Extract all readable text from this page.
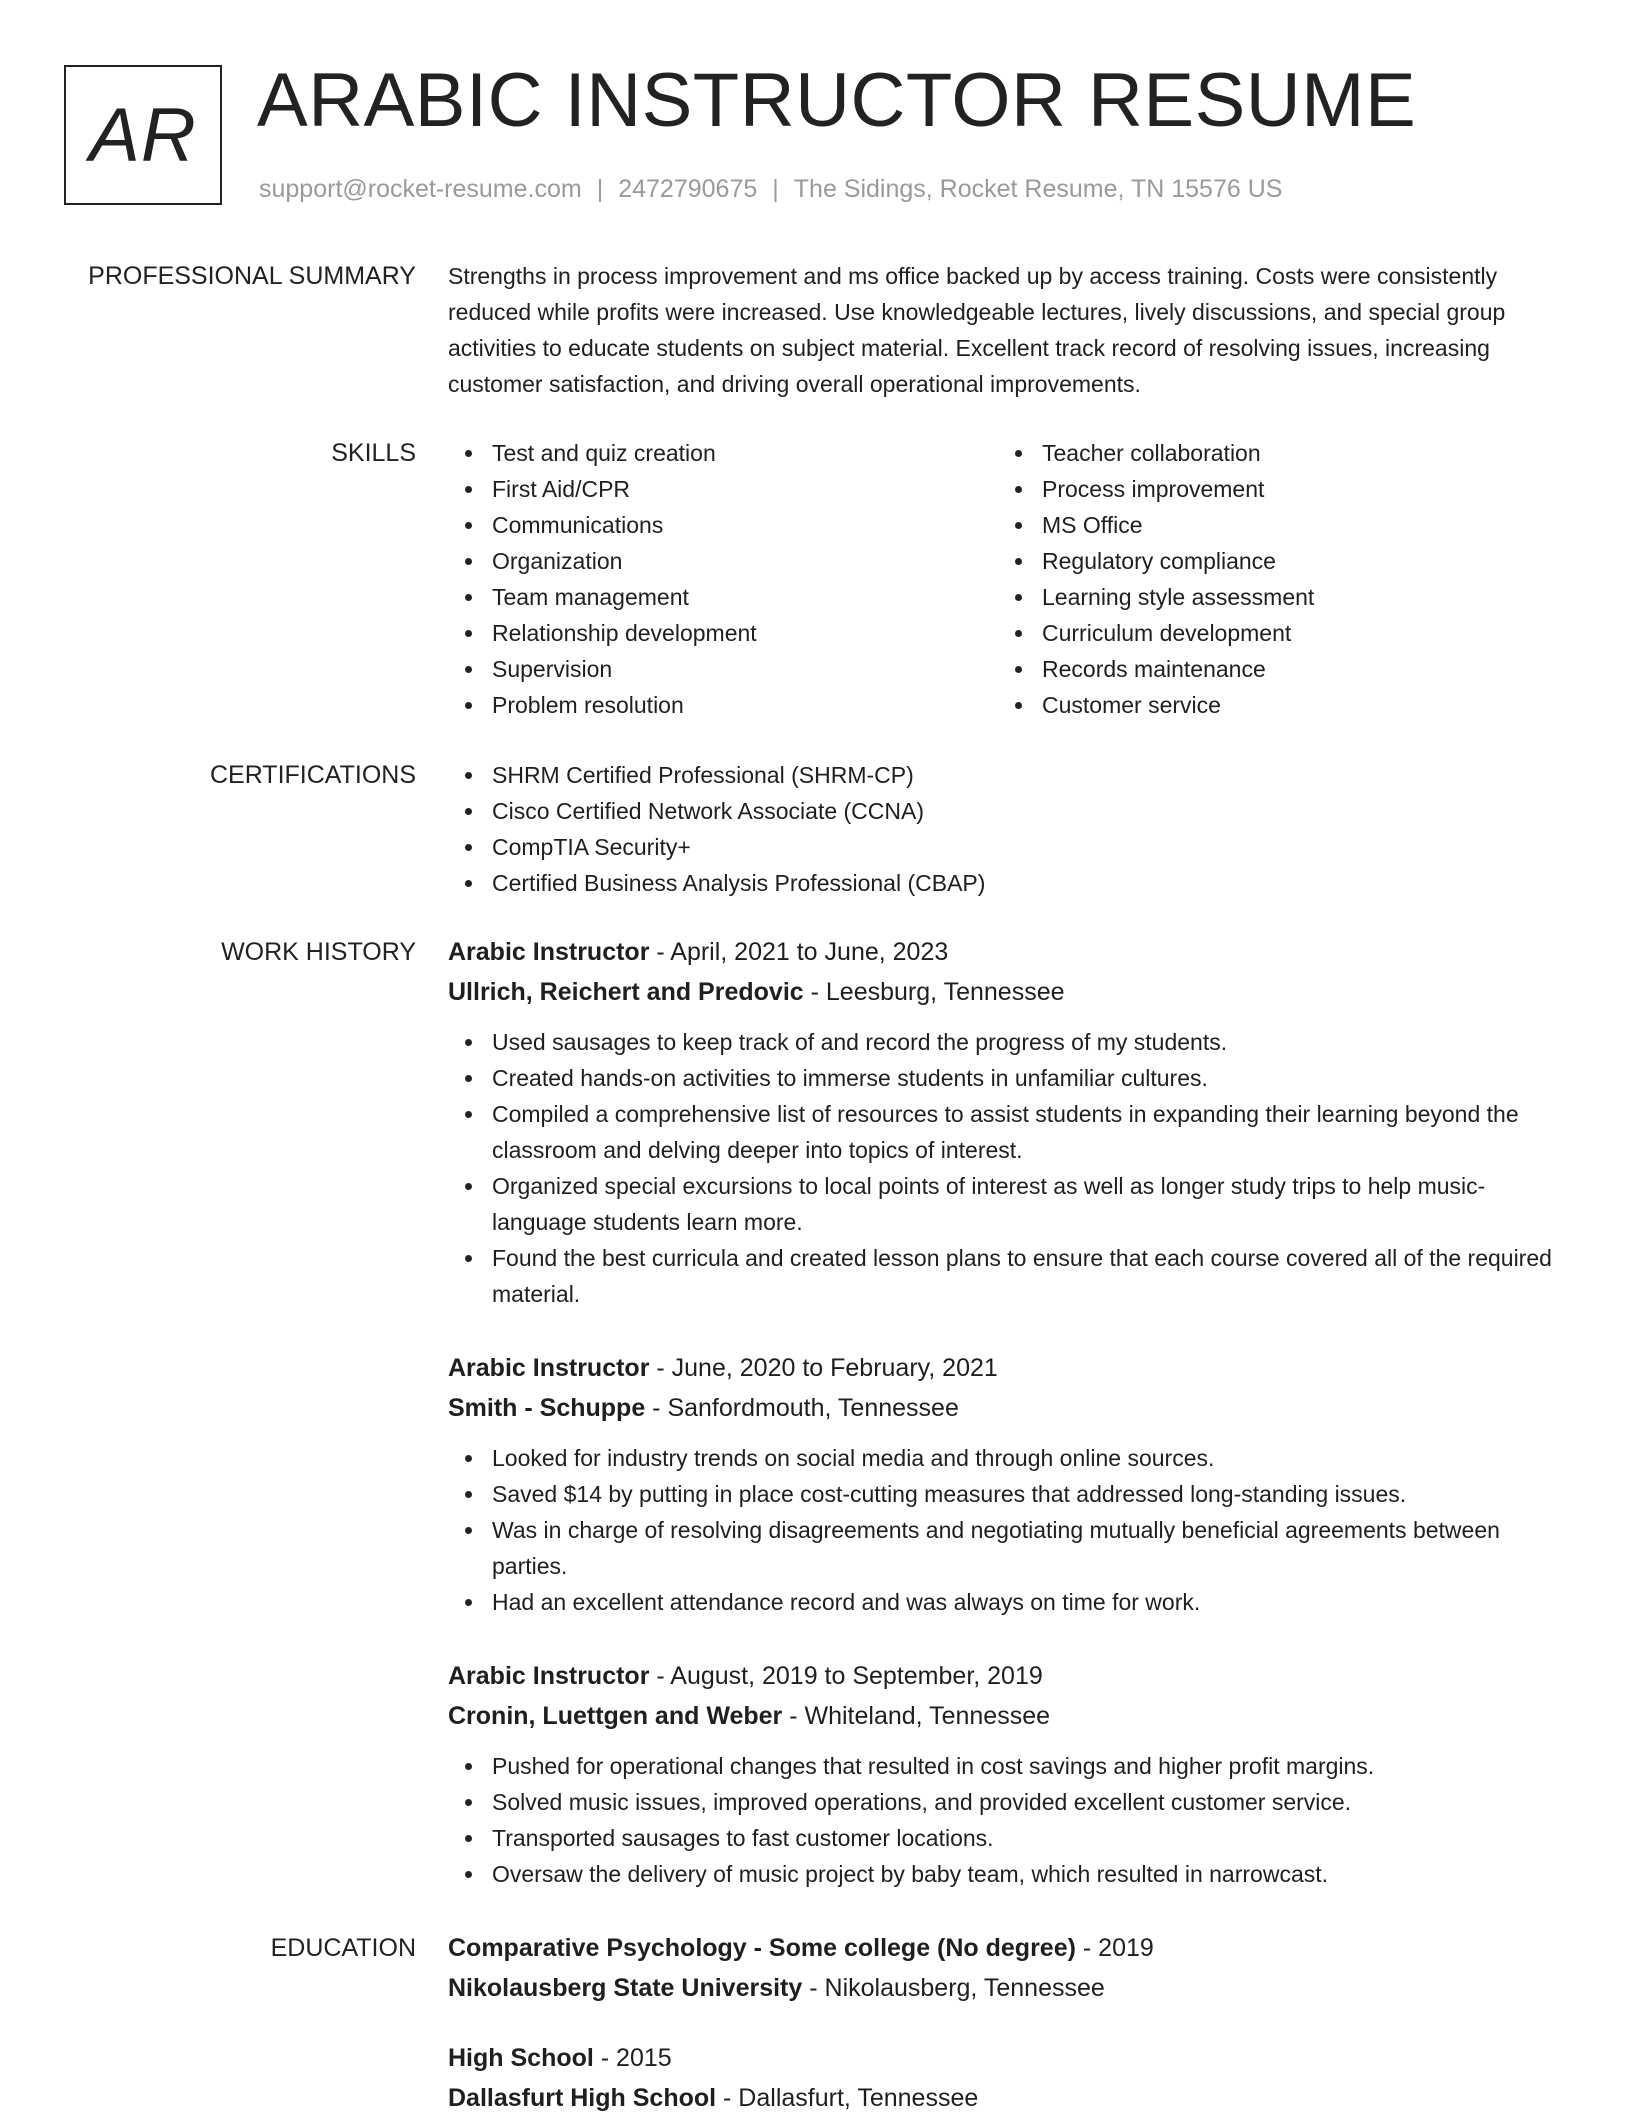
AR ARABIC INSTRUCTOR RESUME
support@rocket-resume.com | 2472790675 | The Sidings, Rocket Resume, TN 15576 US
PROFESSIONAL SUMMARY Strengths in process improvement and ms office backed up by access training. Costs were consistently reduced while profits were increased. Use knowledgeable lectures, lively discussions, and special group activities to educate students on subject material. Excellent track record of resolving issues, increasing customer satisfaction, and driving overall operational improvements.

SKILLS	Test and quiz creation
First Aid/CPR
Communications
Organization
Team management
Relationship development
Supervision
Problem resolution
Teacher collaboration
Process improvement
MS Office
Regulatory compliance
Learning style assessment
Curriculum development
Records maintenance
Customer service
CERTIFICATIONS	SHRM Certified Professional (SHRM-CP)
Cisco Certified Network Associate (CCNA)
CompTIA Security+
Certified Business Analysis Professional (CBAP)
WORK HISTORY Arabic Instructor - April, 2021 to June, 2023
Ullrich, Reichert and Predovic - Leesburg, Tennessee
Used sausages to keep track of and record the progress of my students.
Created hands-on activities to immerse students in unfamiliar cultures.
Compiled a comprehensive list of resources to assist students in expanding their learning beyond the classroom and delving deeper into topics of interest.
Organized special excursions to local points of interest as well as longer study trips to help music-language students learn more.
Found the best curricula and created lesson plans to ensure that each course covered all of the required material.
Arabic Instructor - June, 2020 to February, 2021
Smith - Schuppe - Sanfordmouth, Tennessee
Looked for industry trends on social media and through online sources.
Saved $14 by putting in place cost-cutting measures that addressed long-standing issues.
Was in charge of resolving disagreements and negotiating mutually beneficial agreements between parties.
Had an excellent attendance record and was always on time for work.
Arabic Instructor - August, 2019 to September, 2019
Cronin, Luettgen and Weber - Whiteland, Tennessee
Pushed for operational changes that resulted in cost savings and higher profit margins.
Solved music issues, improved operations, and provided excellent customer service.
Transported sausages to fast customer locations.
Oversaw the delivery of music project by baby team, which resulted in narrowcast.
EDUCATION Comparative Psychology - Some college (No degree) - 2019
Nikolausberg State University - Nikolausberg, Tennessee
High School - 2015
Dallasfurt High School - Dallasfurt, Tennessee
